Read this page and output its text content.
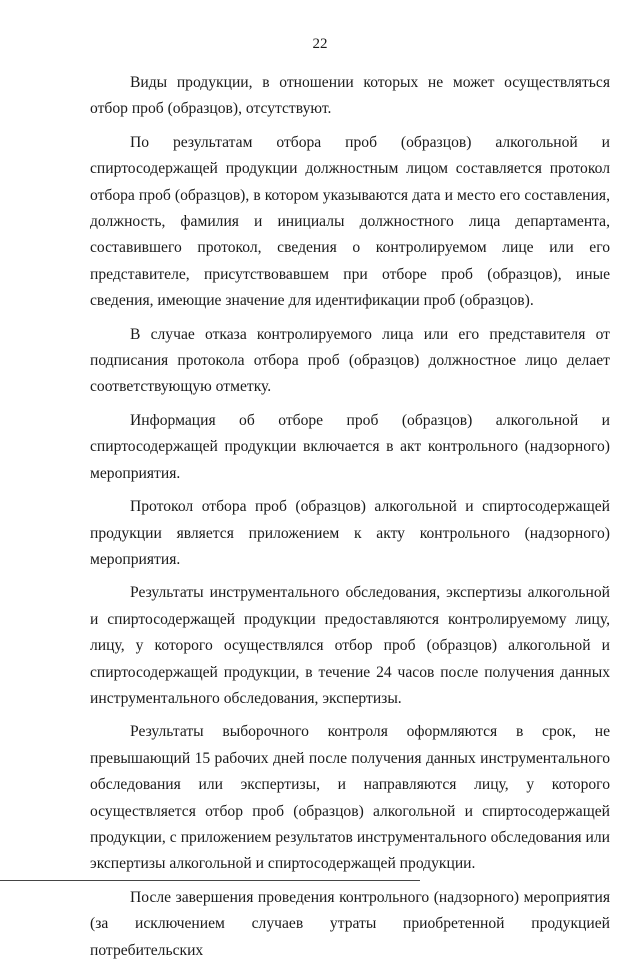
22

Виды продукции, в отношении которых не может осуществляться отбор проб (образцов), отсутствуют.

По результатам отбора проб (образцов) алкогольной и спиртосодержащей продукции должностным лицом составляется протокол отбора проб (образцов), в котором указываются дата и место его составления, должность, фамилия и инициалы должностного лица департамента, составившего протокол, сведения о контролируемом лице или его представителе, присутствовавшем при отборе проб (образцов), иные сведения, имеющие значение для идентификации проб (образцов).

В случае отказа контролируемого лица или его представителя от подписания протокола отбора проб (образцов) должностное лицо делает соответствующую отметку.

Информация об отборе проб (образцов) алкогольной и спиртосодержащей продукции включается в акт контрольного (надзорного) мероприятия.

Протокол отбора проб (образцов) алкогольной и спиртосодержащей продукции является приложением к акту контрольного (надзорного) мероприятия.

Результаты инструментального обследования, экспертизы алкогольной и спиртосодержащей продукции предоставляются контролируемому лицу, лицу, у которого осуществлялся отбор проб (образцов) алкогольной и спиртосодержащей продукции, в течение 24 часов после получения данных инструментального обследования, экспертизы.

Результаты выборочного контроля оформляются в срок, не превышающий 15 рабочих дней после получения данных инструментального обследования или экспертизы, и направляются лицу, у которого осуществляется отбор проб (образцов) алкогольной и спиртосодержащей продукции, с приложением результатов инструментального обследования или экспертизы алкогольной и спиртосодержащей продукции.

После завершения проведения контрольного (надзорного) мероприятия (за исключением случаев утраты приобретенной продукцией потребительских
